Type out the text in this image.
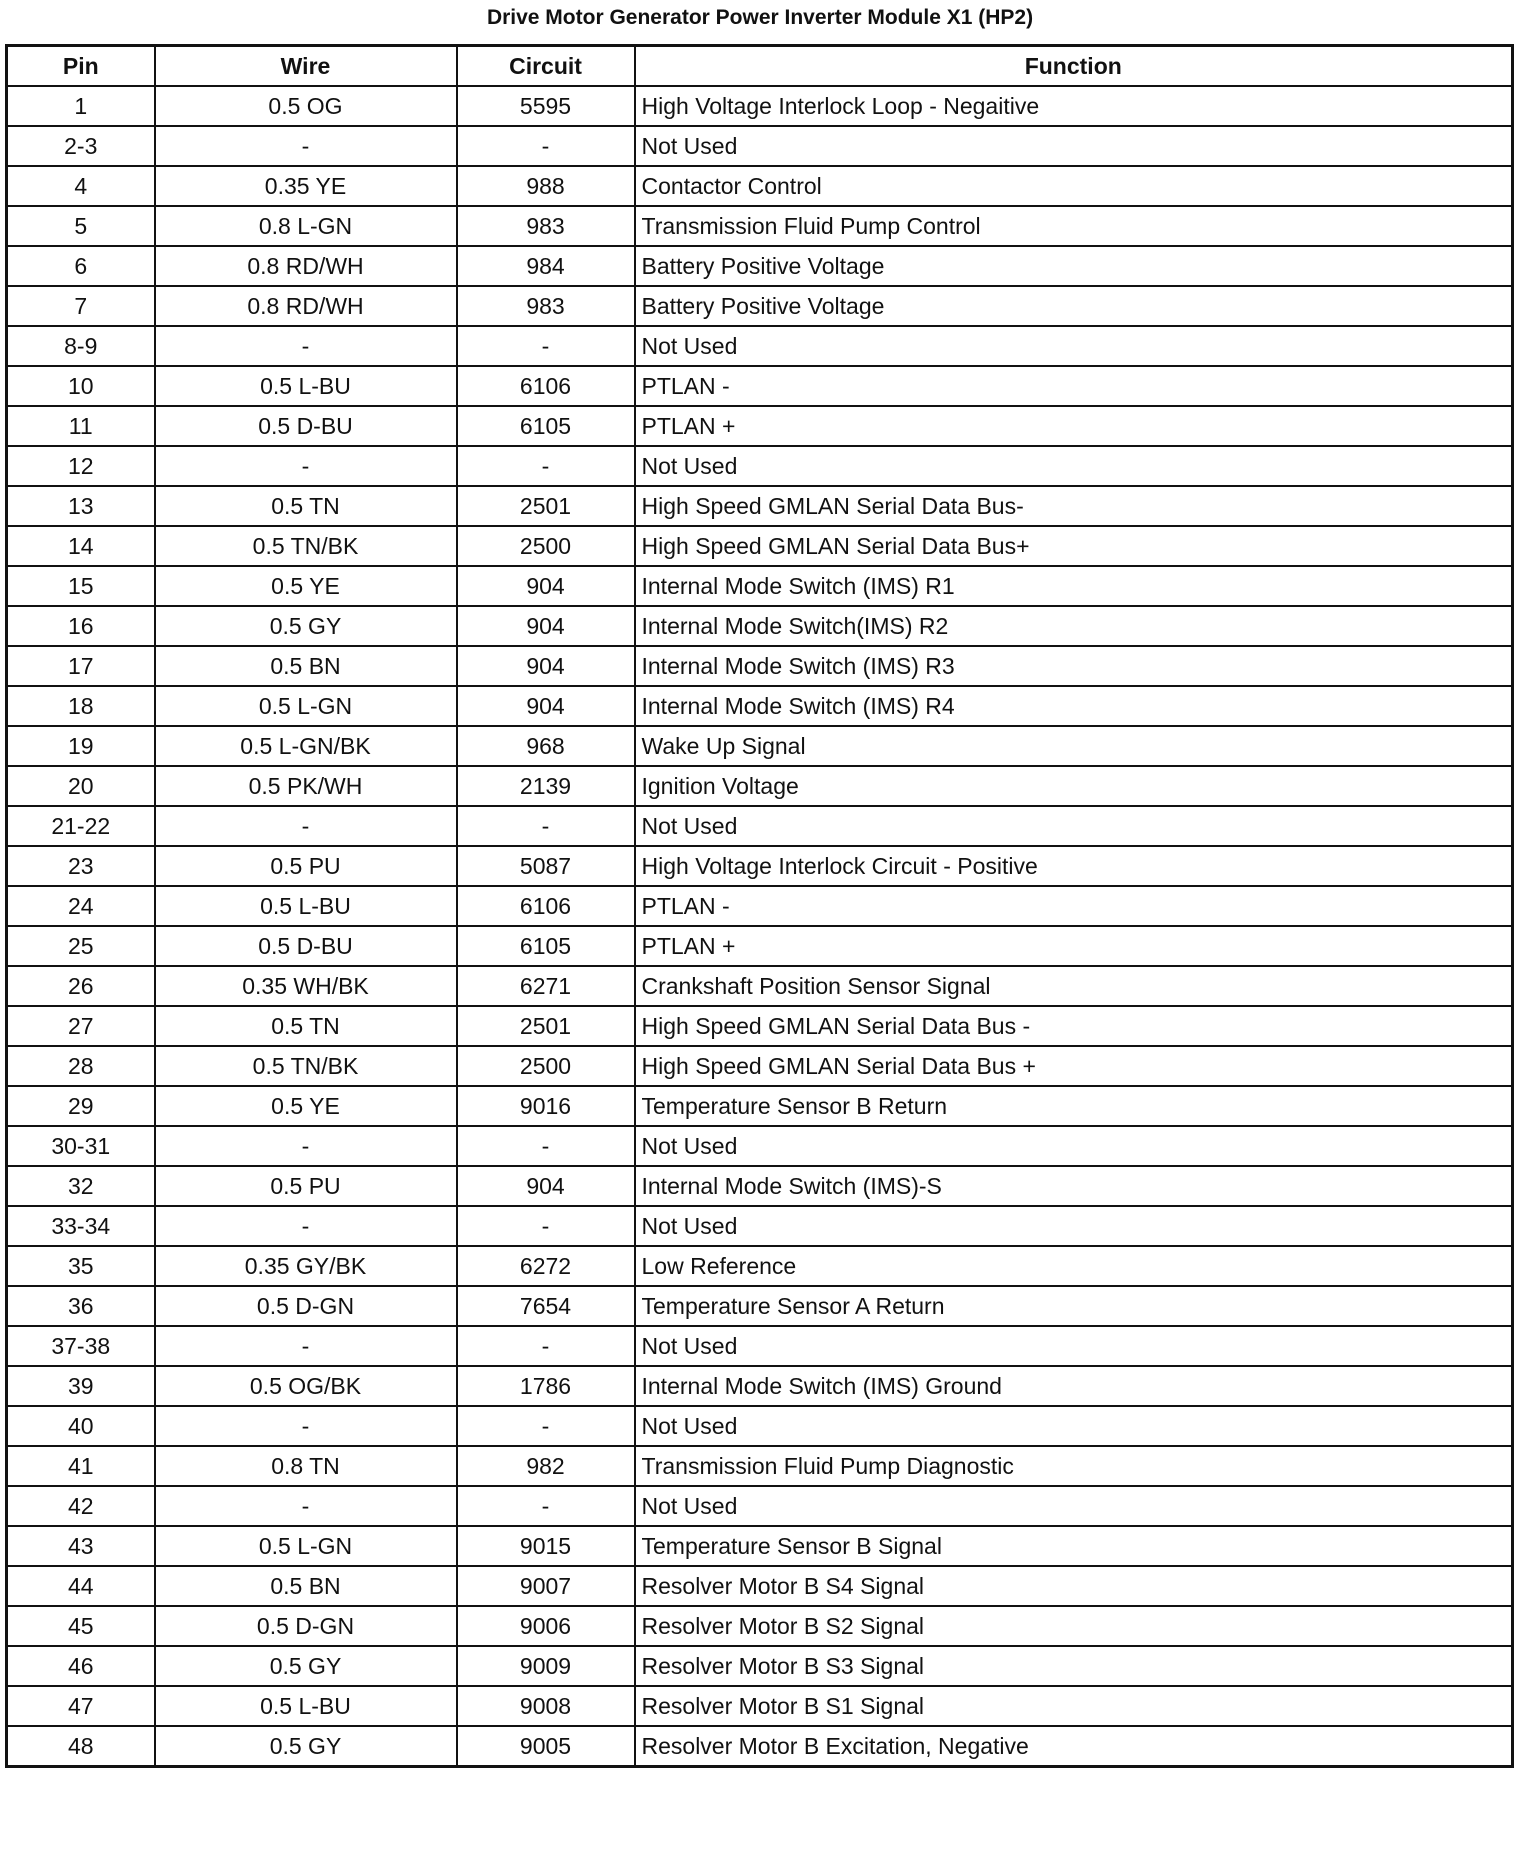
Drive Motor Generator Power Inverter Module X1 (HP2)
Pin	Wire	Circuit	Function
1	0.5 OG	5595	High Voltage Interlock Loop - Negaitive
2-3	-	-	Not Used
4	0.35 YE	988	Contactor Control
5	0.8 L-GN	983	Transmission Fluid Pump Control
6	0.8 RD/WH	984	Battery Positive Voltage
7	0.8 RD/WH	983	Battery Positive Voltage
8-9	-	-	Not Used
10	0.5 L-BU	6106	PTLAN -
11	0.5 D-BU	6105	PTLAN +
12	-	-	Not Used
13	0.5 TN	2501	High Speed GMLAN Serial Data Bus-
14	0.5 TN/BK	2500	High Speed GMLAN Serial Data Bus+
15	0.5 YE	904	Internal Mode Switch (IMS) R1
16	0.5 GY	904	Internal Mode Switch(IMS) R2
17	0.5 BN	904	Internal Mode Switch (IMS) R3
18	0.5 L-GN	904	Internal Mode Switch (IMS) R4
19	0.5 L-GN/BK	968	Wake Up Signal
20	0.5 PK/WH	2139	Ignition Voltage
21-22	-	-	Not Used
23	0.5 PU	5087	High Voltage Interlock Circuit - Positive
24	0.5 L-BU	6106	PTLAN -
25	0.5 D-BU	6105	PTLAN +
26	0.35 WH/BK	6271	Crankshaft Position Sensor Signal
27	0.5 TN	2501	High Speed GMLAN Serial Data Bus -
28	0.5 TN/BK	2500	High Speed GMLAN Serial Data Bus +
29	0.5 YE	9016	Temperature Sensor B Return
30-31	-	-	Not Used
32	0.5 PU	904	Internal Mode Switch (IMS)-S
33-34	-	-	Not Used
35	0.35 GY/BK	6272	Low Reference
36	0.5 D-GN	7654	Temperature Sensor A Return
37-38	-	-	Not Used
39	0.5 OG/BK	1786	Internal Mode Switch (IMS) Ground
40	-	-	Not Used
41	0.8 TN	982	Transmission Fluid Pump Diagnostic
42	-	-	Not Used
43	0.5 L-GN	9015	Temperature Sensor B Signal
44	0.5 BN	9007	Resolver Motor B S4 Signal
45	0.5 D-GN	9006	Resolver Motor B S2 Signal
46	0.5 GY	9009	Resolver Motor B S3 Signal
47	0.5 L-BU	9008	Resolver Motor B S1 Signal
48	0.5 GY	9005	Resolver Motor B Excitation, Negative
